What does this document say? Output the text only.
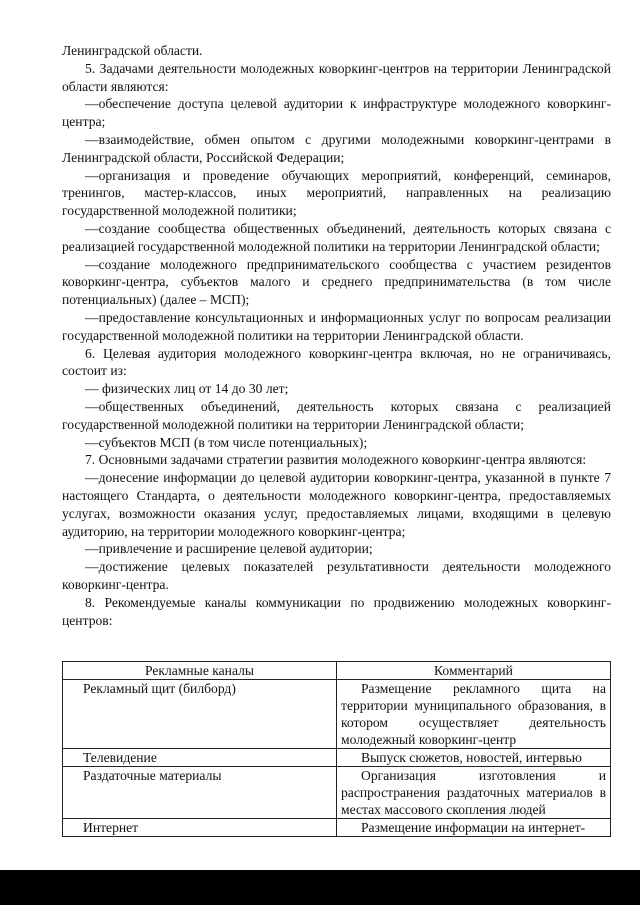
Ленинградской области.

5. Задачами деятельности молодежных коворкинг-центров на территории Ленинградской области являются:

—обеспечение доступа целевой аудитории к инфраструктуре молодежного коворкинг-центра;

—взаимодействие, обмен опытом с другими молодежными коворкинг-центрами в Ленинградской области, Российской Федерации;

—организация и проведение обучающих мероприятий, конференций, семинаров, тренингов, мастер-классов, иных мероприятий, направленных на реализацию государственной молодежной политики;

—создание сообщества общественных объединений, деятельность которых связана с реализацией государственной молодежной политики на территории Ленинградской области;

—создание молодежного предпринимательского сообщества с участием резидентов коворкинг-центра, субъектов малого и среднего предпринимательства (в том числе потенциальных) (далее – МСП);

—предоставление консультационных и информационных услуг по вопросам реализации государственной молодежной политики на территории Ленинградской области.

6. Целевая аудитория молодежного коворкинг-центра включая, но не ограничиваясь, состоит из:

— физических лиц от 14 до 30 лет;

—общественных объединений, деятельность которых связана с реализацией государственной молодежной политики на территории Ленинградской области;

—субъектов МСП (в том числе потенциальных);

7. Основными задачами стратегии развития молодежного коворкинг-центра являются:

—донесение информации до целевой аудитории коворкинг-центра, указанной в пункте 7 настоящего Стандарта, о деятельности молодежного коворкинг-центра, предоставляемых услугах, возможности оказания услуг, предоставляемых лицами, входящими в целевую аудиторию, на территории молодежного коворкинг-центра;

—привлечение и расширение целевой аудитории;

—достижение целевых показателей результативности деятельности молодежного коворкинг-центра.

8. Рекомендуемые каналы коммуникации по продвижению молодежных коворкинг-центров:

Рекламные каналы	Комментарий
Рекламный щит (билборд)	Размещение рекламного щита на территории муниципального образования, в котором осуществляет деятельность молодежный коворкинг-центр
Телевидение	Выпуск сюжетов, новостей, интервью
Раздаточные материалы	Организация изготовления и распространения раздаточных материалов в местах массового скопления людей
Интернет	Размещение информации на интернет-
